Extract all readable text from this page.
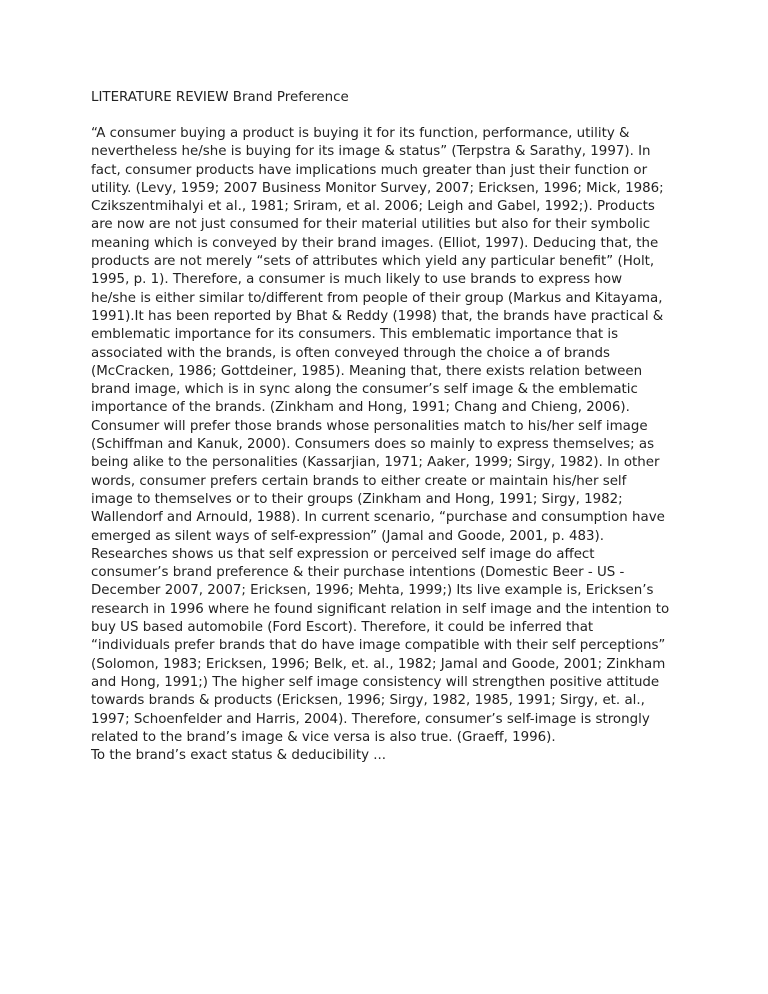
LITERATURE REVIEW Brand Preference
“A consumer buying a product is buying it for its function, performance, utility &
nevertheless he/she is buying for its image & status” (Terpstra & Sarathy, 1997). In
fact, consumer products have implications much greater than just their function or
utility. (Levy, 1959; 2007 Business Monitor Survey, 2007; Ericksen, 1996; Mick, 1986;
Czikszentmihalyi et al., 1981; Sriram, et al. 2006; Leigh and Gabel, 1992;). Products
are now are not just consumed for their material utilities but also for their symbolic
meaning which is conveyed by their brand images. (Elliot, 1997). Deducing that, the
products are not merely “sets of attributes which yield any particular benefit” (Holt,
1995, p. 1). Therefore, a consumer is much likely to use brands to express how
he/she is either similar to/different from people of their group (Markus and Kitayama,
1991).It has been reported by Bhat & Reddy (1998) that, the brands have practical &
emblematic importance for its consumers. This emblematic importance that is
associated with the brands, is often conveyed through the choice a of brands
(McCracken, 1986; Gottdeiner, 1985). Meaning that, there exists relation between
brand image, which is in sync along the consumer’s self image & the emblematic
importance of the brands. (Zinkham and Hong, 1991; Chang and Chieng, 2006).
Consumer will prefer those brands whose personalities match to his/her self image
(Schiffman and Kanuk, 2000). Consumers does so mainly to express themselves; as
being alike to the personalities (Kassarjian, 1971; Aaker, 1999; Sirgy, 1982). In other
words, consumer prefers certain brands to either create or maintain his/her self
image to themselves or to their groups (Zinkham and Hong, 1991; Sirgy, 1982;
Wallendorf and Arnould, 1988). In current scenario, “purchase and consumption have
emerged as silent ways of self-expression” (Jamal and Goode, 2001, p. 483).
Researches shows us that self expression or perceived self image do affect
consumer’s brand preference & their purchase intentions (Domestic Beer - US -
December 2007, 2007; Ericksen, 1996; Mehta, 1999;) Its live example is, Ericksen’s
research in 1996 where he found significant relation in self image and the intention to
buy US based automobile (Ford Escort). Therefore, it could be inferred that
“individuals prefer brands that do have image compatible with their self perceptions”
(Solomon, 1983; Ericksen, 1996; Belk, et. al., 1982; Jamal and Goode, 2001; Zinkham
and Hong, 1991;) The higher self image consistency will strengthen positive attitude
towards brands & products (Ericksen, 1996; Sirgy, 1982, 1985, 1991; Sirgy, et. al.,
1997; Schoenfelder and Harris, 2004). Therefore, consumer’s self-image is strongly
related to the brand’s image & vice versa is also true. (Graeff, 1996).
To the brand’s exact status & deducibility ...
